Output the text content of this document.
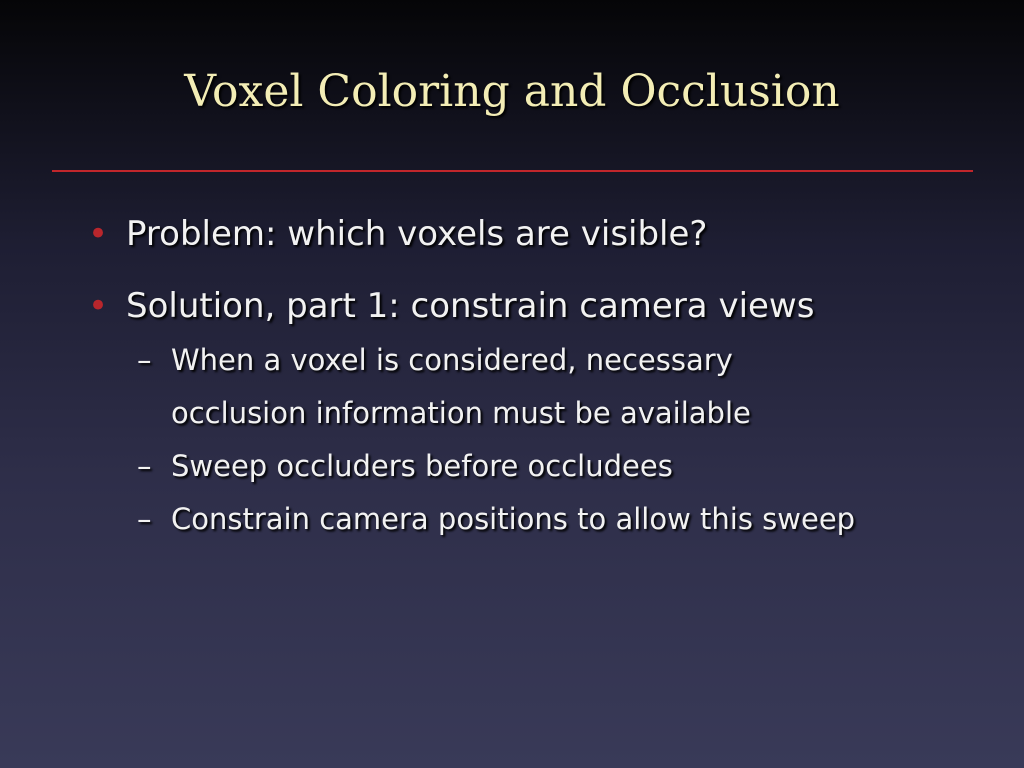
Voxel Coloring and Occlusion
• Problem: which voxels are visible?
• Solution, part 1: constrain camera views
– When a voxel is considered, necessary
occlusion information must be available
– Sweep occluders before occludees
– Constrain camera positions to allow this sweep
